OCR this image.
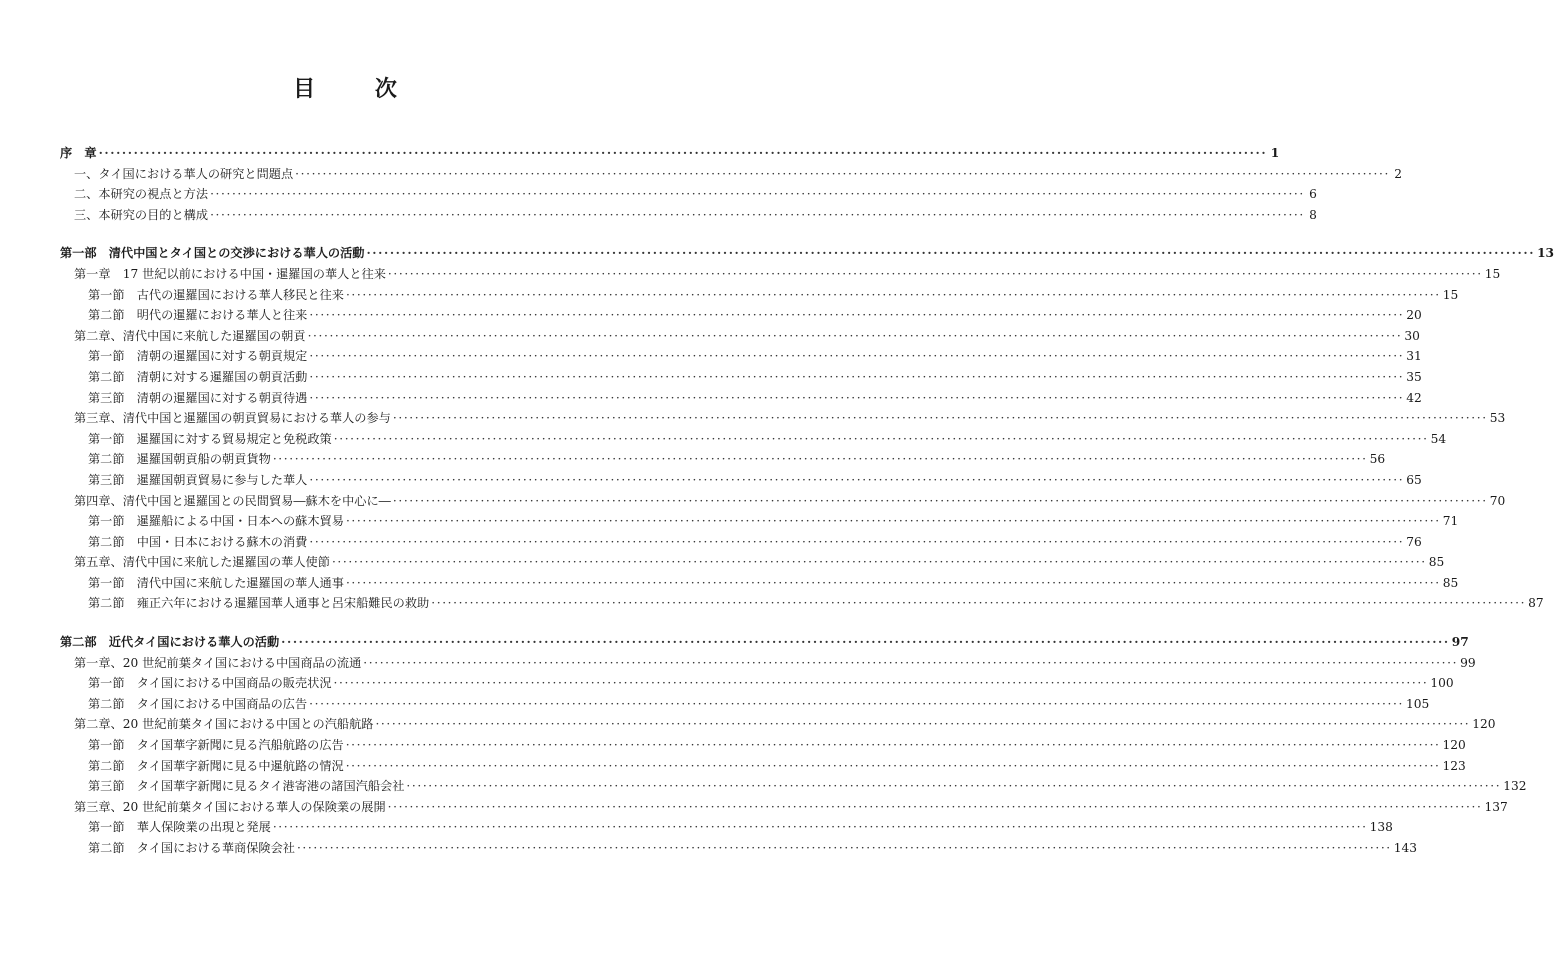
目 次
序　章 ········································································································································································································ 1
一、タイ国における華人の研究と問題点 ········································································································································································································ 2
二、本研究の視点と方法 ········································································································································································································ 6
三、本研究の目的と構成 ········································································································································································································ 8
第一部　清代中国とタイ国との交渉における華人の活動 ········································································································································································································ 13
第一章　17 世紀以前における中国・暹羅国の華人と往来 ········································································································································································································ 15
第一節　古代の暹羅国における華人移民と往来 ········································································································································································································ 15
第二節　明代の暹羅における華人と往来 ········································································································································································································ 20
第二章、清代中国に来航した暹羅国の朝貢 ········································································································································································································ 30
第一節　清朝の暹羅国に対する朝貢規定 ········································································································································································································ 31
第二節　清朝に対する暹羅国の朝貢活動 ········································································································································································································ 35
第三節　清朝の暹羅国に対する朝貢待遇 ········································································································································································································ 42
第三章、清代中国と暹羅国の朝貢貿易における華人の参与 ········································································································································································································ 53
第一節　暹羅国に対する貿易規定と免税政策 ········································································································································································································ 54
第二節　暹羅国朝貢船の朝貢貨物 ········································································································································································································ 56
第三節　暹羅国朝貢貿易に参与した華人 ········································································································································································································ 65
第四章、清代中国と暹羅国との民間貿易―蘇木を中心に― ········································································································································································································ 70
第一節　暹羅船による中国・日本への蘇木貿易 ········································································································································································································ 71
第二節　中国・日本における蘇木の消費 ········································································································································································································ 76
第五章、清代中国に来航した暹羅国の華人使節 ········································································································································································································ 85
第一節　清代中国に来航した暹羅国の華人通事 ········································································································································································································ 85
第二節　雍正六年における暹羅国華人通事と呂宋船難民の救助 ········································································································································································································ 87
第二部　近代タイ国における華人の活動 ········································································································································································································ 97
第一章、20 世紀前葉タイ国における中国商品の流通 ········································································································································································································ 99
第一節　タイ国における中国商品の販売状況 ········································································································································································································ 100
第二節　タイ国における中国商品の広告 ········································································································································································································ 105
第二章、20 世紀前葉タイ国における中国との汽船航路 ········································································································································································································ 120
第一節　タイ国華字新聞に見る汽船航路の広告 ········································································································································································································ 120
第二節　タイ国華字新聞に見る中暹航路の情況 ········································································································································································································ 123
第三節　タイ国華字新聞に見るタイ港寄港の諸国汽船会社 ········································································································································································································ 132
第三章、20 世紀前葉タイ国における華人の保険業の展開 ········································································································································································································ 137
第一節　華人保険業の出現と発展 ········································································································································································································ 138
第二節　タイ国における華商保険会社 ········································································································································································································ 143
